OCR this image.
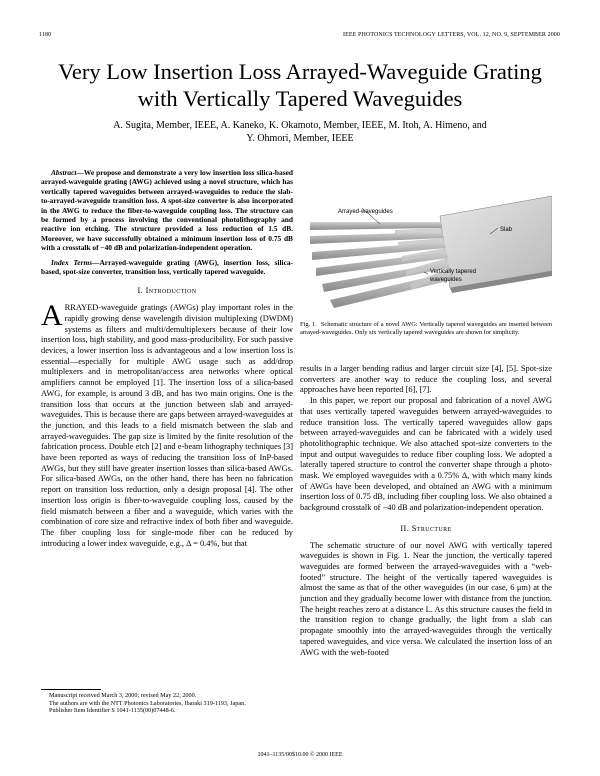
1180	IEEE PHOTONICS TECHNOLOGY LETTERS, VOL. 12, NO. 9, SEPTEMBER 2000
Very Low Insertion Loss Arrayed-Waveguide Grating
with Vertically Tapered Waveguides
A. Sugita, Member, IEEE, A. Kaneko, K. Okamoto, Member, IEEE, M. Itoh, A. Himeno, and
Y. Ohmori, Member, IEEE
Abstract—We propose and demonstrate a very low insertion loss silica-based arrayed-waveguide grating (AWG) achieved using a novel structure, which has vertically tapered waveguides between arrayed-waveguides to reduce the slab-to-arrayed-waveguide transition loss. A spot-size converter is also incorporated in the AWG to reduce the fiber-to-waveguide coupling loss. The structure can be formed by a process involving the conventional photolithography and reactive ion etching. The structure provided a loss reduction of 1.5 dB. Moreover, we have successfully obtained a minimum insertion loss of 0.75 dB with a crosstalk of −40 dB and polarization-independent operation.
Index Terms—Arrayed-waveguide grating (AWG), insertion loss, silica-based, spot-size converter, transition loss, vertically tapered waveguide.
I. Introduction

ARRAYED-waveguide gratings (AWGs) play important roles in the rapidly growing dense wavelength division multiplexing (DWDM) systems as filters and multi/demultiplexers because of their low insertion loss, high stability, and good mass-producibility. For such passive devices, a lower insertion loss is advantageous and a low insertion loss is essential—especially for multiple AWG usage such as add/drop multiplexers and in metropolitan/access area networks where optical amplifiers cannot be employed [1]. The insertion loss of a silica-based AWG, for example, is around 3 dB, and has two main origins. One is the transition loss that occurs at the junction between slab and arrayed-waveguides. This is because there are gaps between arrayed-waveguides at the junction, and this leads to a field mismatch between the slab and arrayed-waveguides. The gap size is limited by the finite resolution of the fabrication process. Double etch [2] and e-beam lithography techniques [3] have been reported as ways of reducing the transition loss of InP-based AWGs, but they still have greater insertion losses than silica-based AWGs. For silica-based AWGs, on the other hand, there has been no fabrication report on transition loss reduction, only a design proposal [4]. The other insertion loss origin is fiber-to-waveguide coupling loss, caused by the field mismatch between a fiber and a waveguide, which varies with the combination of core size and refractive index of both fiber and waveguide. The fiber coupling loss for single-mode fiber can be reduced by introducing a lower index waveguide, e.g., Δ = 0.4%, but that

Arrayed-waveguides
Slab
Vertically tapered
waveguides
Fig. 1. Schematic structure of a novel AWG: Vertically tapered waveguides are inserted between arrayed-waveguides. Only six vertically tapered waveguides are shown for simplicity.

results in a larger bending radius and larger circuit size [4], [5]. Spot-size converters are another way to reduce the coupling loss, and several approaches have been reported [6], [7].

In this paper, we report our proposal and fabrication of a novel AWG that uses vertically tapered waveguides between arrayed-waveguides to reduce transition loss. The vertically tapered waveguides allow gaps between arrayed-waveguides and can be fabricated with a widely used photolithographic technique. We also attached spot-size converters to the input and output waveguides to reduce fiber coupling loss. We adopted a laterally tapered structure to control the converter shape through a photo-mask. We employed waveguides with a 0.75% Δ, with which many kinds of AWGs have been developed, and obtained an AWG with a minimum insertion loss of 0.75 dB, including fiber coupling loss. We also obtained a background crosstalk of −40 dB and polarization-independent operation.

II. Structure

The schematic structure of our novel AWG with vertically tapered waveguides is shown in Fig. 1. Near the junction, the vertically tapered waveguides are formed between the arrayed-waveguides with a “web-footed” structure. The height of the vertically tapered waveguides is almost the same as that of the other waveguides (in our case, 6 μm) at the junction and they gradually become lower with distance from the junction. The height reaches zero at a distance L. As this structure causes the field in the transition region to change gradually, the light from a slab can propagate smoothly into the arrayed-waveguides through the vertically tapered waveguides, and vice versa. We calculated the insertion loss of an AWG with the web-footed

Manuscript received March 3, 2000; revised May 22, 2000.
The authors are with the NTT Photonics Laboratories, Ibaraki 319-1193, Japan.
Publisher Item Identifier S 1041-1135(00)07448-6.
1041–1135/00$10.00 © 2000 IEEE
